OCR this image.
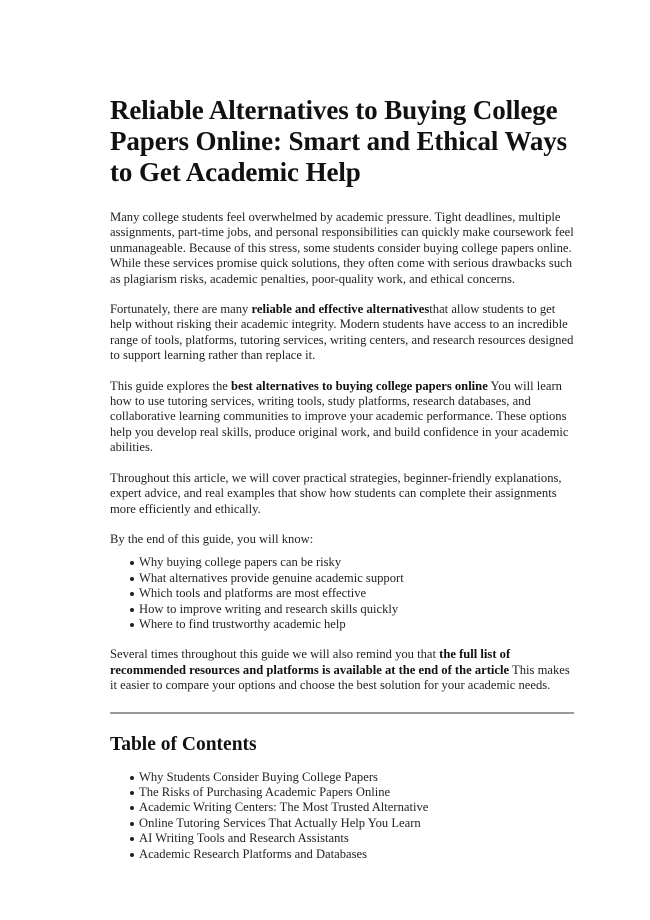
Reliable Alternatives to Buying College Papers Online: Smart and Ethical Ways to Get Academic Help

Many college students feel overwhelmed by academic pressure. Tight deadlines, multiple assignments, part-time jobs, and personal responsibilities can quickly make coursework feel unmanageable. Because of this stress, some students consider buying college papers online. While these services promise quick solutions, they often come with serious drawbacks such as plagiarism risks, academic penalties, poor-quality work, and ethical concerns.

Fortunately, there are many reliable and effective alternativesthat allow students to get help without risking their academic integrity. Modern students have access to an incredible range of tools, platforms, tutoring services, writing centers, and research resources designed to support learning rather than replace it.

This guide explores the best alternatives to buying college papers online You will learn how to use tutoring services, writing tools, study platforms, research databases, and collaborative learning communities to improve your academic performance. These options help you develop real skills, produce original work, and build confidence in your academic abilities.

Throughout this article, we will cover practical strategies, beginner-friendly explanations, expert advice, and real examples that show how students can complete their assignments more efficiently and ethically.

By the end of this guide, you will know:

Why buying college papers can be risky
What alternatives provide genuine academic support
Which tools and platforms are most effective
How to improve writing and research skills quickly
Where to find trustworthy academic help

Several times throughout this guide we will also remind you that the full list of recommended resources and platforms is available at the end of the article This makes it easier to compare your options and choose the best solution for your academic needs.

Table of Contents
Why Students Consider Buying College Papers
The Risks of Purchasing Academic Papers Online
Academic Writing Centers: The Most Trusted Alternative
Online Tutoring Services That Actually Help You Learn
AI Writing Tools and Research Assistants
Academic Research Platforms and Databases
